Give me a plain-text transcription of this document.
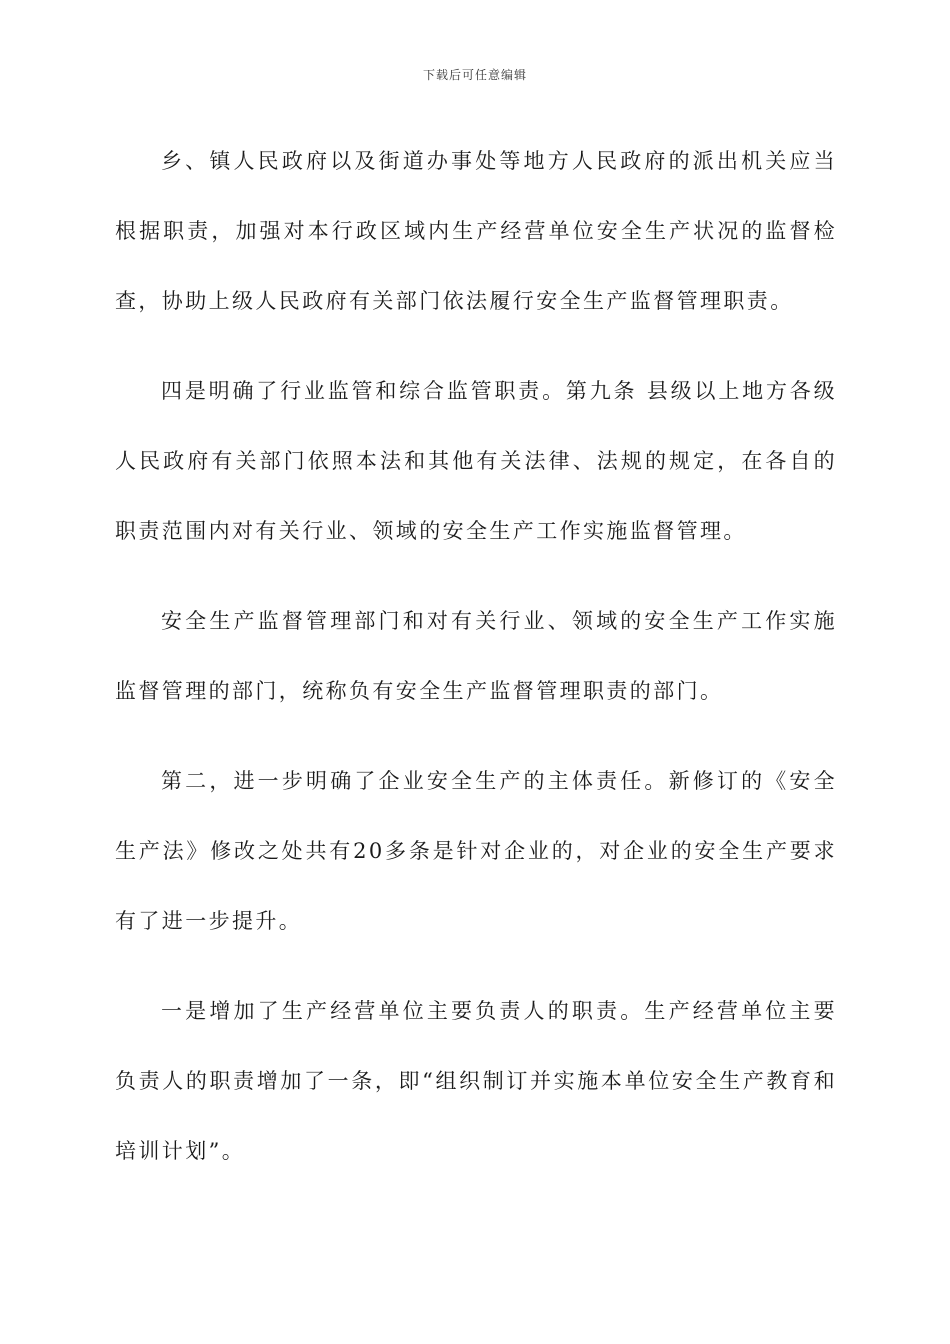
下载后可任意编辑

乡、镇人民政府以及街道办事处等地方人民政府的派出机关应当根据职责，加强对本行政区域内生产经营单位安全生产状况的监督检查，协助上级人民政府有关部门依法履行安全生产监督管理职责。

四是明确了行业监管和综合监管职责。第九条 县级以上地方各级人民政府有关部门依照本法和其他有关法律、法规的规定，在各自的职责范围内对有关行业、领域的安全生产工作实施监督管理。

安全生产监督管理部门和对有关行业、领域的安全生产工作实施监督管理的部门，统称负有安全生产监督管理职责的部门。

第二，进一步明确了企业安全生产的主体责任。新修订的《安全生产法》修改之处共有20多条是针对企业的，对企业的安全生产要求有了进一步提升。

一是增加了生产经营单位主要负责人的职责。生产经营单位主要负责人的职责增加了一条，即“组织制订并实施本单位安全生产教育和培训计划”。
